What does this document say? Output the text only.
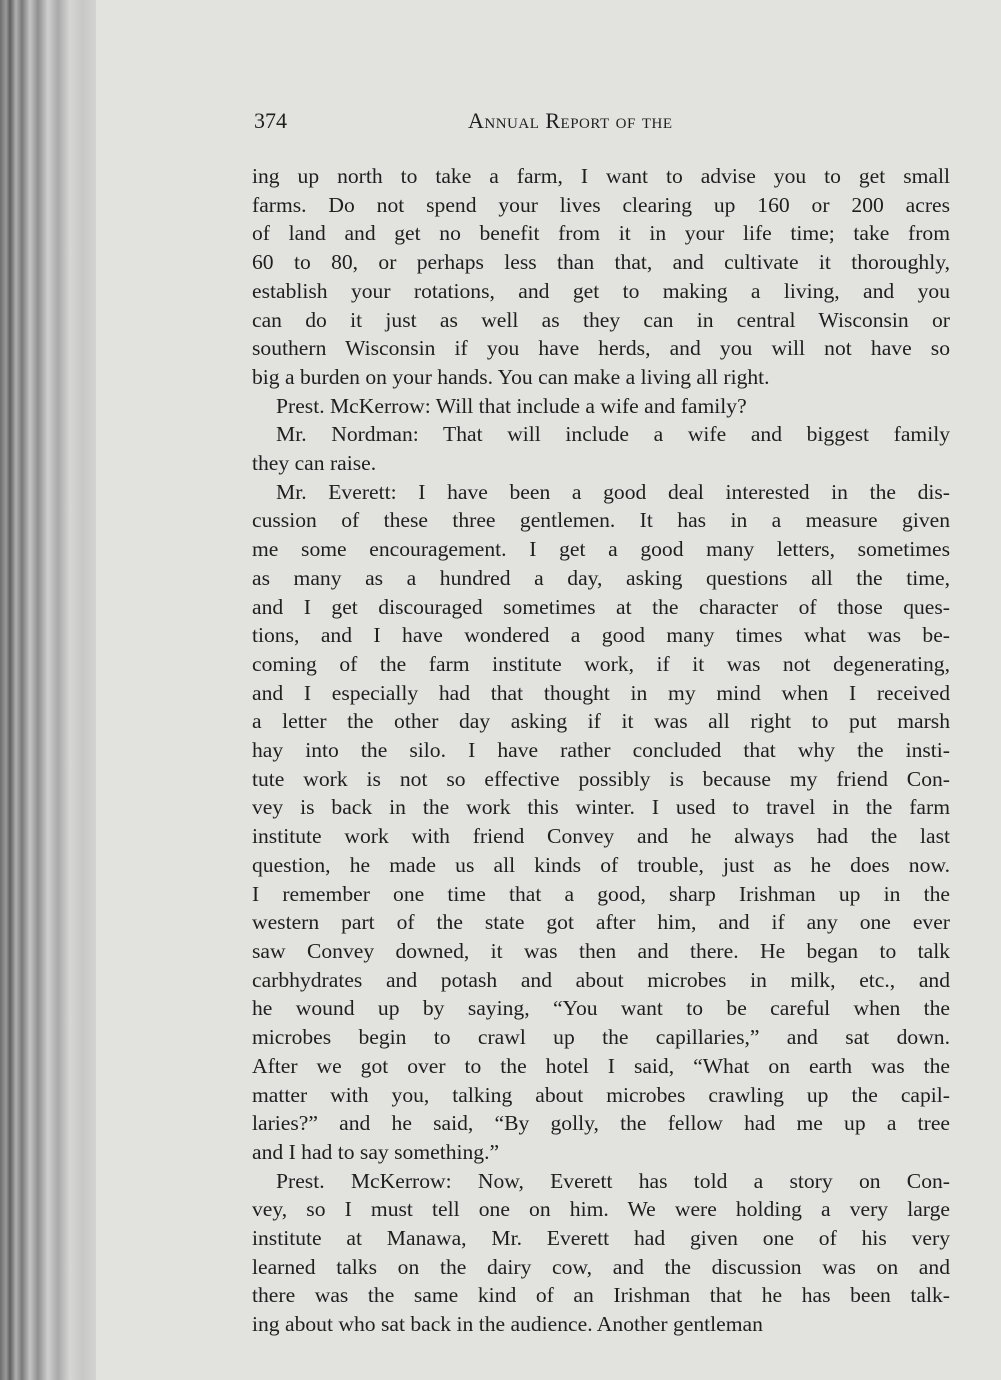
374	Annual Report of the
ing up north to take a farm, I want to advise you to get small
farms. Do not spend your lives clearing up 160 or 200 acres
of land and get no benefit from it in your life time; take from
60 to 80, or perhaps less than that, and cultivate it thoroughly,
establish your rotations, and get to making a living, and you
can do it just as well as they can in central Wisconsin or
southern Wisconsin if you have herds, and you will not have so
big a burden on your hands. You can make a living all right.
Prest. McKerrow: Will that include a wife and family?
Mr. Nordman: That will include a wife and biggest family
they can raise.
Mr. Everett: I have been a good deal interested in the dis-
cussion of these three gentlemen. It has in a measure given
me some encouragement. I get a good many letters, sometimes
as many as a hundred a day, asking questions all the time,
and I get discouraged sometimes at the character of those ques-
tions, and I have wondered a good many times what was be-
coming of the farm institute work, if it was not degenerating,
and I especially had that thought in my mind when I received
a letter the other day asking if it was all right to put marsh
hay into the silo. I have rather concluded that why the insti-
tute work is not so effective possibly is because my friend Con-
vey is back in the work this winter. I used to travel in the farm
institute work with friend Convey and he always had the last
question, he made us all kinds of trouble, just as he does now.
I remember one time that a good, sharp Irishman up in the
western part of the state got after him, and if any one ever
saw Convey downed, it was then and there. He began to talk
carbhydrates and potash and about microbes in milk, etc., and
he wound up by saying, “You want to be careful when the
microbes begin to crawl up the capillaries,” and sat down.
After we got over to the hotel I said, “What on earth was the
matter with you, talking about microbes crawling up the capil-
laries?” and he said, “By golly, the fellow had me up a tree
and I had to say something.”
Prest. McKerrow: Now, Everett has told a story on Con-
vey, so I must tell one on him. We were holding a very large
institute at Manawa, Mr. Everett had given one of his very
learned talks on the dairy cow, and the discussion was on and
there was the same kind of an Irishman that he has been talk-
ing about who sat back in the audience. Another gentleman
